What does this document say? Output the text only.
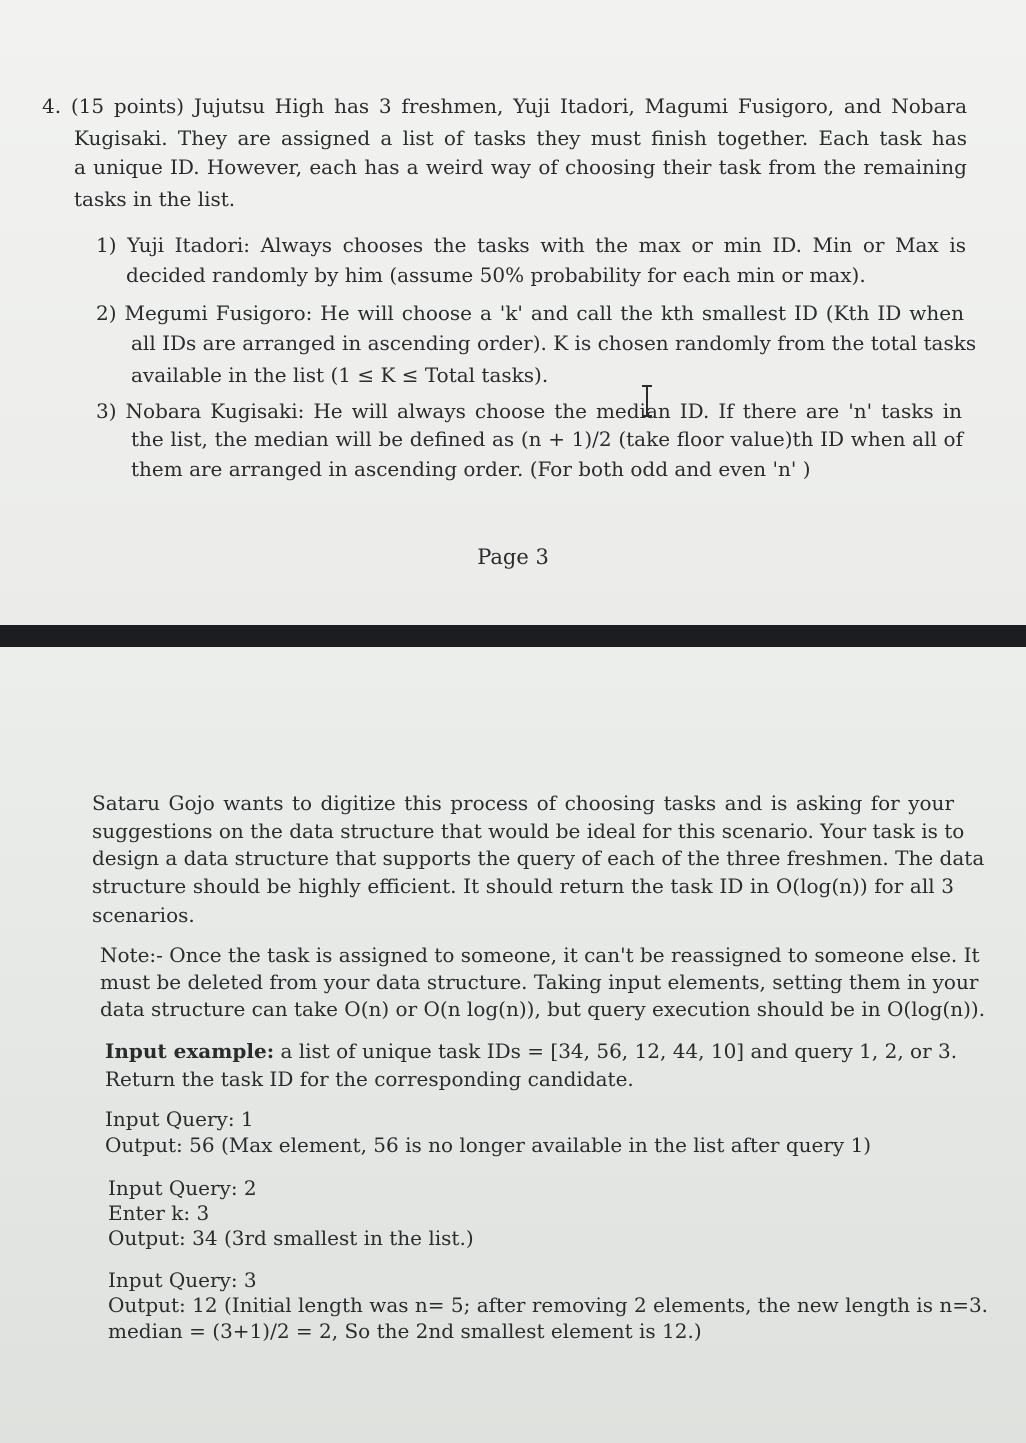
4. (15 points) Jujutsu High has 3 freshmen, Yuji Itadori, Magumi Fusigoro, and Nobara
Kugisaki. They are assigned a list of tasks they must finish together. Each task has
a unique ID. However, each has a weird way of choosing their task from the remaining
tasks in the list.
1) Yuji Itadori: Always chooses the tasks with the max or min ID. Min or Max is
decided randomly by him (assume 50% probability for each min or max).
2) Megumi Fusigoro: He will choose a 'k' and call the kth smallest ID (Kth ID when
all IDs are arranged in ascending order). K is chosen randomly from the total tasks
available in the list (1 ≤ K ≤ Total tasks).
3) Nobara Kugisaki: He will always choose the median ID. If there are 'n' tasks in
the list, the median will be defined as (n + 1)/2 (take floor value)th ID when all of
them are arranged in ascending order. (For both odd and even 'n' )
Page 3
Sataru Gojo wants to digitize this process of choosing tasks and is asking for your
suggestions on the data structure that would be ideal for this scenario. Your task is to
design a data structure that supports the query of each of the three freshmen. The data
structure should be highly efficient. It should return the task ID in O(log(n)) for all 3
scenarios.
Note:- Once the task is assigned to someone, it can't be reassigned to someone else. It
must be deleted from your data structure. Taking input elements, setting them in your
data structure can take O(n) or O(n log(n)), but query execution should be in O(log(n)).
Input example: a list of unique task IDs = [34, 56, 12, 44, 10] and query 1, 2, or 3.
Return the task ID for the corresponding candidate.
Input Query: 1
Output: 56 (Max element, 56 is no longer available in the list after query 1)
Input Query: 2
Enter k: 3
Output: 34 (3rd smallest in the list.)
Input Query: 3
Output: 12 (Initial length was n= 5; after removing 2 elements, the new length is n=3.
median = (3+1)/2 = 2, So the 2nd smallest element is 12.)
